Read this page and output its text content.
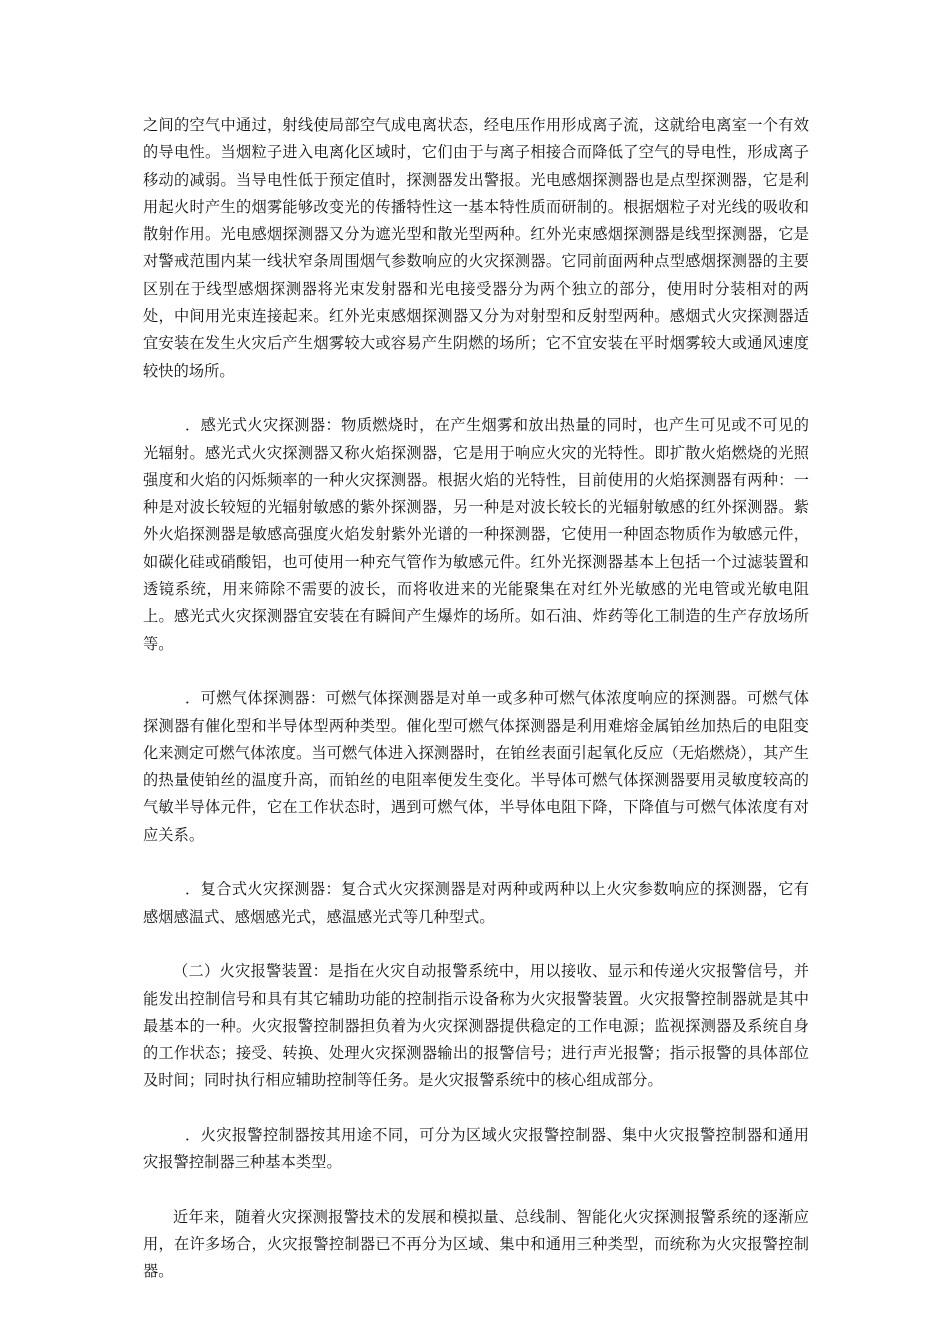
之间的空气中通过，射线使局部空气成电离状态，经电压作用形成离子流，这就给电离室一个有效的导电性。当烟粒子进入电离化区域时，它们由于与离子相接合而降低了空气的导电性，形成离子移动的减弱。当导电性低于预定值时，探测器发出警报。光电感烟探测器也是点型探测器，它是利用起火时产生的烟雾能够改变光的传播特性这一基本特性质而研制的。根据烟粒子对光线的吸收和散射作用。光电感烟探测器又分为遮光型和散光型两种。红外光束感烟探测器是线型探测器，它是对警戒范围内某一线状窄条周围烟气参数响应的火灾探测器。它同前面两种点型感烟探测器的主要区别在于线型感烟探测器将光束发射器和光电接受器分为两个独立的部分，使用时分装相对的两处，中间用光束连接起来。红外光束感烟探测器又分为对射型和反射型两种。感烟式火灾探测器适宜安装在发生火灾后产生烟雾较大或容易产生阴燃的场所；它不宜安装在平时烟雾较大或通风速度较快的场所。

．感光式火灾探测器：物质燃烧时，在产生烟雾和放出热量的同时，也产生可见或不可见的光辐射。感光式火灾探测器又称火焰探测器，它是用于响应火灾的光特性。即扩散火焰燃烧的光照强度和火焰的闪烁频率的一种火灾探测器。根据火焰的光特性，目前使用的火焰探测器有两种：一种是对波长较短的光辐射敏感的紫外探测器，另一种是对波长较长的光辐射敏感的红外探测器。紫外火焰探测器是敏感高强度火焰发射紫外光谱的一种探测器，它使用一种固态物质作为敏感元件，如碳化硅或硝酸铝，也可使用一种充气管作为敏感元件。红外光探测器基本上包括一个过滤装置和透镜系统，用来筛除不需要的波长，而将收进来的光能聚集在对红外光敏感的光电管或光敏电阻上。感光式火灾探测器宜安装在有瞬间产生爆炸的场所。如石油、炸药等化工制造的生产存放场所等。

．可燃气体探测器：可燃气体探测器是对单一或多种可燃气体浓度响应的探测器。可燃气体探测器有催化型和半导体型两种类型。催化型可燃气体探测器是利用难熔金属铂丝加热后的电阻变化来测定可燃气体浓度。当可燃气体进入探测器时，在铂丝表面引起氧化反应（无焰燃烧），其产生的热量使铂丝的温度升高，而铂丝的电阻率便发生变化。半导体可燃气体探测器要用灵敏度较高的气敏半导体元件，它在工作状态时，遇到可燃气体，半导体电阻下降，下降值与可燃气体浓度有对应关系。

．复合式火灾探测器：复合式火灾探测器是对两种或两种以上火灾参数响应的探测器，它有感烟感温式、感烟感光式，感温感光式等几种型式。

（二）火灾报警装置：是指在火灾自动报警系统中，用以接收、显示和传递火灾报警信号，并能发出控制信号和具有其它辅助功能的控制指示设备称为火灾报警装置。火灾报警控制器就是其中最基本的一种。火灾报警控制器担负着为火灾探测器提供稳定的工作电源；监视探测器及系统自身的工作状态；接受、转换、处理火灾探测器输出的报警信号；进行声光报警；指示报警的具体部位及时间；同时执行相应辅助控制等任务。是火灾报警系统中的核心组成部分。

．火灾报警控制器按其用途不同，可分为区域火灾报警控制器、集中火灾报警控制器和通用灾报警控制器三种基本类型。

近年来，随着火灾探测报警技术的发展和模拟量、总线制、智能化火灾探测报警系统的逐渐应用，在许多场合，火灾报警控制器已不再分为区域、集中和通用三种类型，而统称为火灾报警控制器。
